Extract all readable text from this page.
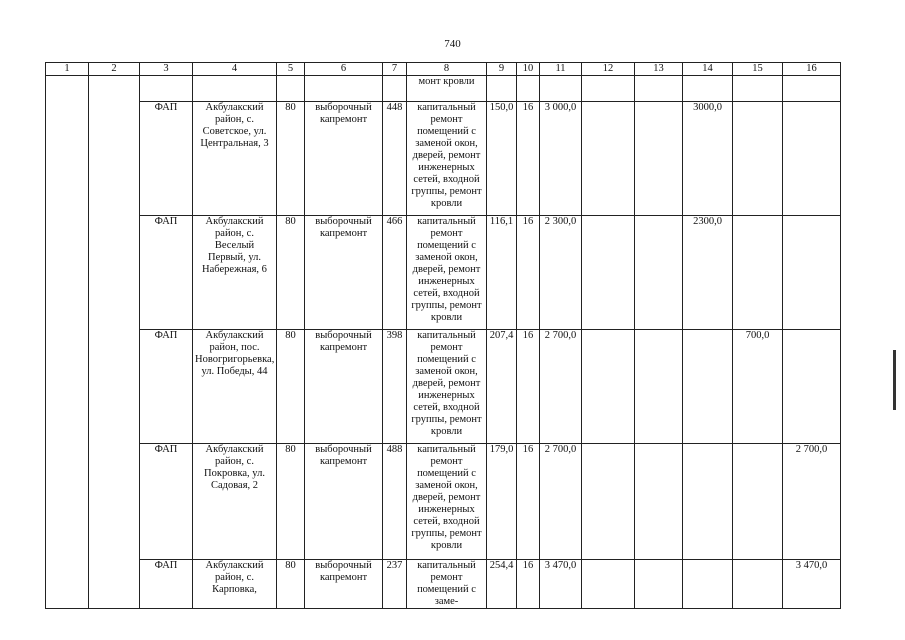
740
1	2	3	4	5	6	7	8	9	10	11	12	13	14	15	16
							монт кровли								
		ФАП	Акбулакский район, с. Советское, ул. Центральная, 3	80	выборочный капремонт	448	капитальный ремонт помещений с заменой окон, дверей, ремонт инженерных сетей, входной группы, ремонт кровли	150,0	16	3 000,0			3000,0		
		ФАП	Акбулакский район, с. Веселый Первый, ул. Набережная, 6	80	выборочный капремонт	466	капитальный ремонт помещений с заменой окон, дверей, ремонт инженерных сетей, входной группы, ремонт кровли	116,1	16	2 300,0			2300,0		
		ФАП	Акбулакский район, пос. Новогригорьевка, ул. Победы, 44	80	выборочный капремонт	398	капитальный ремонт помещений с заменой окон, дверей, ремонт инженерных сетей, входной группы, ремонт кровли	207,4	16	2 700,0				700,0	
		ФАП	Акбулакский район, с. Покровка, ул. Садовая, 2	80	выборочный капремонт	488	капитальный ремонт помещений с заменой окон, дверей, ремонт инженерных сетей, входной группы, ремонт кровли	179,0	16	2 700,0					2 700,0
		ФАП	Акбулакский район, с. Карповка,	80	выборочный капремонт	237	капитальный ремонт помещений с заме-	254,4	16	3 470,0					3 470,0
